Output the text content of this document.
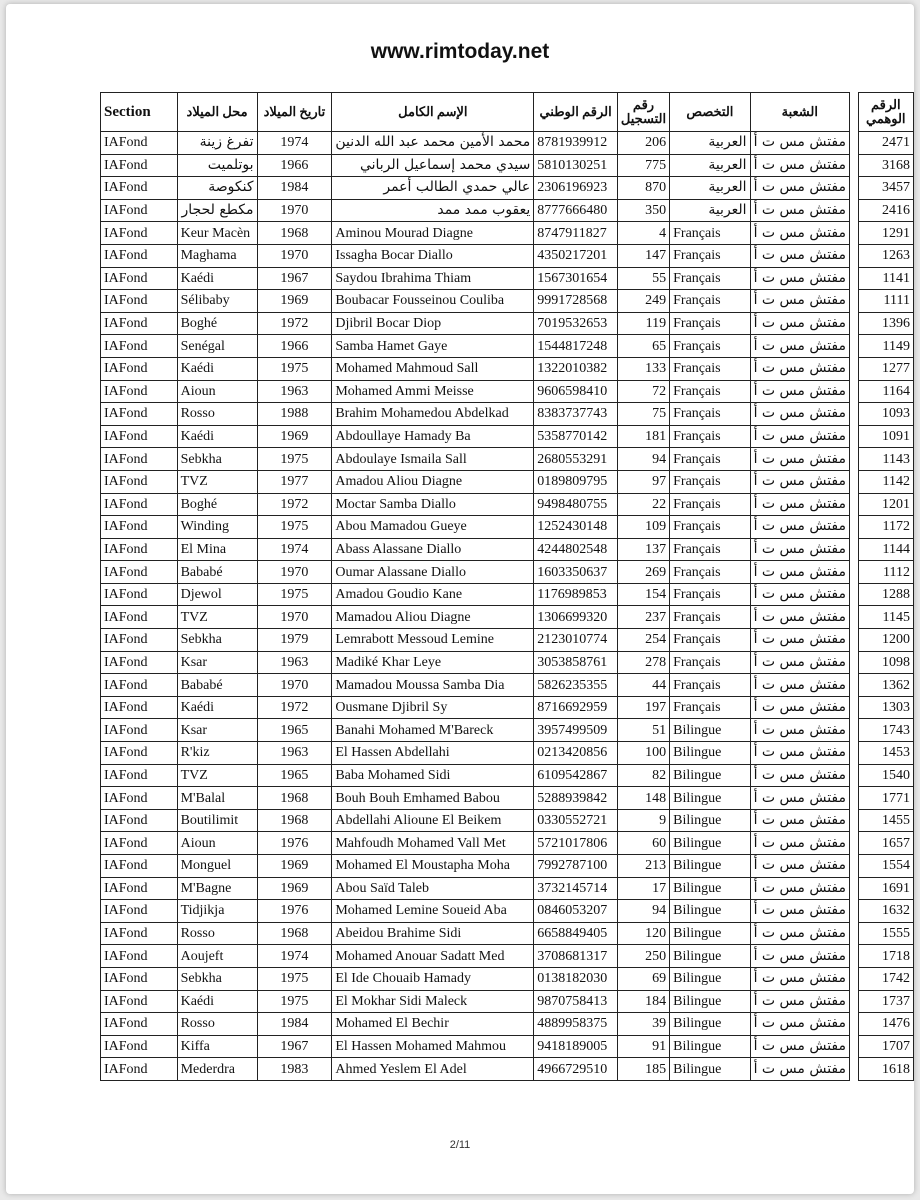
www.rimtoday.net
Section	محل الميلاد	تاريخ الميلاد	الإسم الكامل	الرقم الوطني	رقم التسجيل	التخصص	الشعبة		الرقم الوهمي
IAFond	تفرغ زينة	1974	محمد الأمين محمد عبد الله الدنين	8781939912	206	العربية	مفتش مس ت أ		2471
IAFond	بوتلميت	1966	سيدي محمد إسماعيل الرباني	5810130251	775	العربية	مفتش مس ت أ		3168
IAFond	كنكوصة	1984	عالي حمدي الطالب أعمر	2306196923	870	العربية	مفتش مس ت أ		3457
IAFond	مكطع لحجار	1970	يعقوب ممد ممد	8777666480	350	العربية	مفتش مس ت أ		2416
IAFond	Keur Macèn	1968	Aminou Mourad Diagne	8747911827	4	Français	مفتش مس ت أ		1291
IAFond	Maghama	1970	Issagha Bocar Diallo	4350217201	147	Français	مفتش مس ت أ		1263
IAFond	Kaédi	1967	Saydou Ibrahima Thiam	1567301654	55	Français	مفتش مس ت أ		1141
IAFond	Sélibaby	1969	Boubacar Fousseinou Couliba	9991728568	249	Français	مفتش مس ت أ		1111
IAFond	Boghé	1972	Djibril Bocar Diop	7019532653	119	Français	مفتش مس ت أ		1396
IAFond	Senégal	1966	Samba Hamet Gaye	1544817248	65	Français	مفتش مس ت أ		1149
IAFond	Kaédi	1975	Mohamed Mahmoud Sall	1322010382	133	Français	مفتش مس ت أ		1277
IAFond	Aioun	1963	Mohamed Ammi Meisse	9606598410	72	Français	مفتش مس ت أ		1164
IAFond	Rosso	1988	Brahim Mohamedou Abdelkad	8383737743	75	Français	مفتش مس ت أ		1093
IAFond	Kaédi	1969	Abdoullaye Hamady Ba	5358770142	181	Français	مفتش مس ت أ		1091
IAFond	Sebkha	1975	Abdoulaye Ismaila Sall	2680553291	94	Français	مفتش مس ت أ		1143
IAFond	TVZ	1977	Amadou Aliou Diagne	0189809795	97	Français	مفتش مس ت أ		1142
IAFond	Boghé	1972	Moctar Samba Diallo	9498480755	22	Français	مفتش مس ت أ		1201
IAFond	Winding	1975	Abou Mamadou Gueye	1252430148	109	Français	مفتش مس ت أ		1172
IAFond	El Mina	1974	Abass Alassane Diallo	4244802548	137	Français	مفتش مس ت أ		1144
IAFond	Bababé	1970	Oumar Alassane Diallo	1603350637	269	Français	مفتش مس ت أ		1112
IAFond	Djewol	1975	Amadou Goudio Kane	1176989853	154	Français	مفتش مس ت أ		1288
IAFond	TVZ	1970	Mamadou Aliou Diagne	1306699320	237	Français	مفتش مس ت أ		1145
IAFond	Sebkha	1979	Lemrabott Messoud Lemine	2123010774	254	Français	مفتش مس ت أ		1200
IAFond	Ksar	1963	Madiké Khar Leye	3053858761	278	Français	مفتش مس ت أ		1098
IAFond	Bababé	1970	Mamadou Moussa Samba Dia	5826235355	44	Français	مفتش مس ت أ		1362
IAFond	Kaédi	1972	Ousmane Djibril Sy	8716692959	197	Français	مفتش مس ت أ		1303
IAFond	Ksar	1965	Banahi Mohamed M'Bareck	3957499509	51	Bilingue	مفتش مس ت أ		1743
IAFond	R'kiz	1963	El Hassen Abdellahi	0213420856	100	Bilingue	مفتش مس ت أ		1453
IAFond	TVZ	1965	Baba Mohamed Sidi	6109542867	82	Bilingue	مفتش مس ت أ		1540
IAFond	M'Balal	1968	Bouh Bouh Emhamed Babou	5288939842	148	Bilingue	مفتش مس ت أ		1771
IAFond	Boutilimit	1968	Abdellahi Alioune El Beikem	0330552721	9	Bilingue	مفتش مس ت أ		1455
IAFond	Aioun	1976	Mahfoudh Mohamed Vall Met	5721017806	60	Bilingue	مفتش مس ت أ		1657
IAFond	Monguel	1969	Mohamed El Moustapha Moha	7992787100	213	Bilingue	مفتش مس ت أ		1554
IAFond	M'Bagne	1969	Abou Saïd Taleb	3732145714	17	Bilingue	مفتش مس ت أ		1691
IAFond	Tidjikja	1976	Mohamed Lemine Soueid Aba	0846053207	94	Bilingue	مفتش مس ت أ		1632
IAFond	Rosso	1968	Abeidou Brahime Sidi	6658849405	120	Bilingue	مفتش مس ت أ		1555
IAFond	Aoujeft	1974	Mohamed Anouar Sadatt Med	3708681317	250	Bilingue	مفتش مس ت أ		1718
IAFond	Sebkha	1975	El Ide Chouaib Hamady	0138182030	69	Bilingue	مفتش مس ت أ		1742
IAFond	Kaédi	1975	El Mokhar Sidi Maleck	9870758413	184	Bilingue	مفتش مس ت أ		1737
IAFond	Rosso	1984	Mohamed El Bechir	4889958375	39	Bilingue	مفتش مس ت أ		1476
IAFond	Kiffa	1967	El Hassen Mohamed Mahmou	9418189005	91	Bilingue	مفتش مس ت أ		1707
IAFond	Mederdra	1983	Ahmed Yeslem El Adel	4966729510	185	Bilingue	مفتش مس ت أ		1618
2/11
